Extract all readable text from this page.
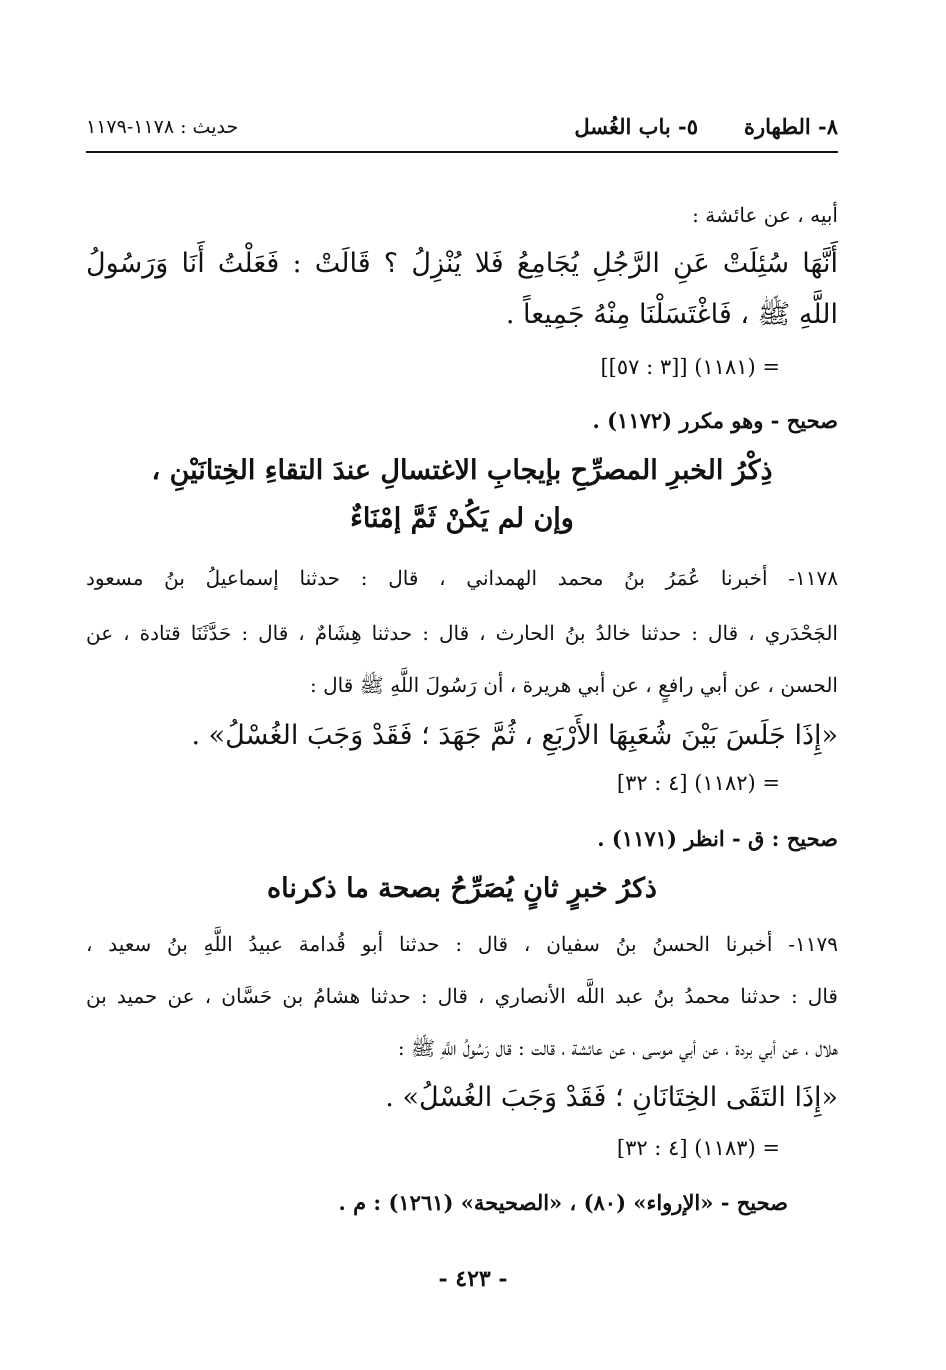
٨- الطهارة
٥- باب الغُسل
حديث : ١١٧٨-١١٧٩
أبيه ، عن عائشة :
أَنَّهَا سُئِلَتْ عَنِ الرَّجُلِ يُجَامِعُ فَلا يُنْزِلُ ؟ قَالَتْ : فَعَلْتُ أَنَا وَرَسُولُ
اللَّهِ ﷺ ، فَاغْتَسَلْنَا مِنْهُ جَمِيعاً .
= (١١٨١) [[٣ : ٥٧]]
صحيح - وهو مكرر (١١٧٢) .
ذِكْرُ الخبرِ المصرِّحِ بإيجابِ الاغتسالِ عندَ التقاءِ الخِتانَيْنِ ،
وإن لم يَكُنْ ثَمَّ إمْنَاءٌ
١١٧٨- أخبرنا عُمَرُ بنُ محمد الهمداني ، قال : حدثنا إسماعيلُ بنُ مسعود
الجَحْدَري ، قال : حدثنا خالدُ بنُ الحارث ، قال : حدثنا هِشَامٌ ، قال : حَدَّثَنَا قتادة ، عن
الحسن ، عن أبي رافعٍ ، عن أبي هريرة ، أن رَسُولَ اللَّهِ ﷺ قال :
«إِذَا جَلَسَ بَيْنَ شُعَبِهَا الأَرْبَعِ ، ثُمَّ جَهَدَ ؛ فَقَدْ وَجَبَ الغُسْلُ» .
= (١١٨٢) [٤ : ٣٢]
صحيح : ق - انظر (١١٧١) .
ذكرُ خبرٍ ثانٍ يُصَرِّحُ بصحة ما ذكرناه
١١٧٩- أخبرنا الحسنُ بنُ سفيان ، قال : حدثنا أبو قُدامة عبيدُ اللَّهِ بنُ سعيد ،
قال : حدثنا محمدُ بنُ عبد اللَّه الأنصاري ، قال : حدثنا هشامُ بن حَسَّان ، عن حميد بن
هلال ، عن أبي بردة ، عن أبي موسى ، عن عائشة ، قالت : قال رَسُولُ اللَّهِ ﷺ :
«إِذَا التَقَى الخِتَانَانِ ؛ فَقَدْ وَجَبَ الغُسْلُ» .
= (١١٨٣) [٤ : ٣٢]
صحيح - «الإرواء» (٨٠) ، «الصحيحة» (١٢٦١) : م .
- ٤٢٣ -
